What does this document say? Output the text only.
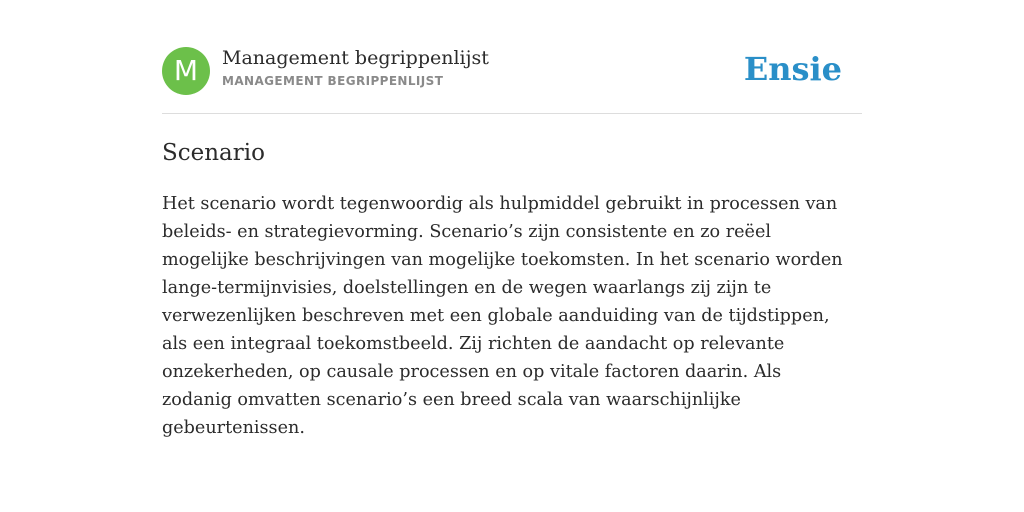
M	Management begrippenlijst
MANAGEMENT BEGRIPPENLIJST	Ensie
Scenario

Het scenario wordt tegenwoordig als hulpmiddel gebruikt in processen van beleids- en strategievorming. Scenario’s zijn consistente en zo reëel mogelijke beschrijvingen van mogelijke toekomsten. In het scenario worden lange-termijnvisies, doelstellingen en de wegen waarlangs zij zijn te verwezenlijken beschreven met een globale aanduiding van de tijdstippen, als een integraal toekomstbeeld. Zij richten de aandacht op relevante onzekerheden, op causale processen en op vitale factoren daarin. Als zodanig omvatten scenario’s een breed scala van waarschijnlijke gebeurtenissen.
